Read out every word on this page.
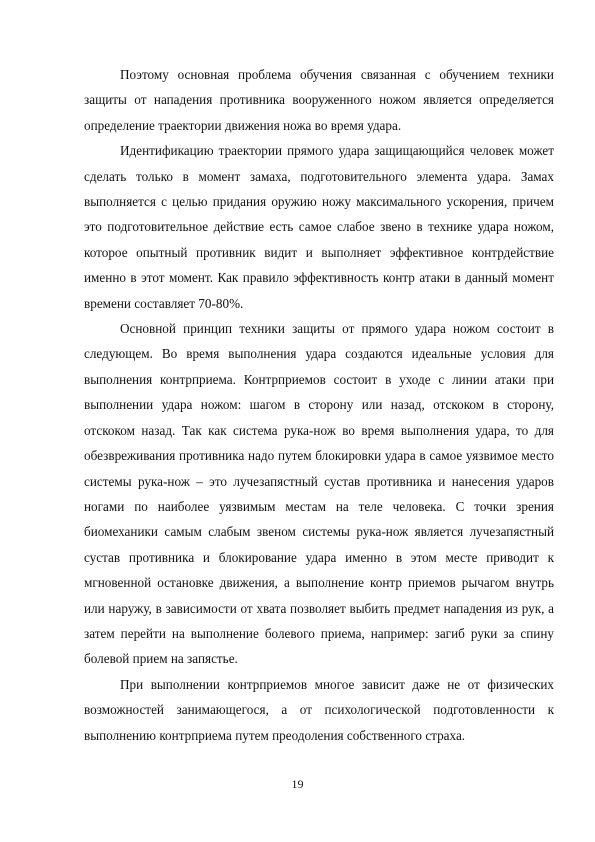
Поэтому основная проблема обучения связанная с обучением техники защиты от нападения противника вооруженного ножом является определяется определение траектории движения ножа во время удара.

Идентификацию траектории прямого удара защищающийся человек может сделать только в момент замаха, подготовительного элемента удара. Замах выполняется с целью придания оружию ножу максимального ускорения, причем это подготовительное действие есть самое слабое звено в технике удара ножом, которое опытный противник видит и выполняет эффективное контрдействие именно в этот момент. Как правило эффективность контр атаки в данный момент времени составляет 70-80%.

Основной принцип техники защиты от прямого удара ножом состоит в следующем. Во время выполнения удара создаются идеальные условия для выполнения контрприема. Контрприемов состоит в уходе с линии атаки при выполнении удара ножом: шагом в сторону или назад, отскоком в сторону, отскоком назад. Так как система рука-нож во время выполнения удара, то для обезвреживания противника надо путем блокировки удара в самое уязвимое место системы рука-нож – это лучезапястный сустав противника и нанесения ударов ногами по наиболее уязвимым местам на теле человека. С точки зрения биомеханики самым слабым звеном системы рука-нож является лучезапястный сустав противника и блокирование удара именно в этом месте приводит к мгновенной остановке движения, а выполнение контр приемов рычагом внутрь или наружу, в зависимости от хвата позволяет выбить предмет нападения из рук, а затем перейти на выполнение болевого приема, например: загиб руки за спину болевой прием на запястье.

При выполнении контрприемов многое зависит даже не от физических возможностей занимающегося, а от психологической подготовленности к выполнению контрприема путем преодоления собственного страха.

19
